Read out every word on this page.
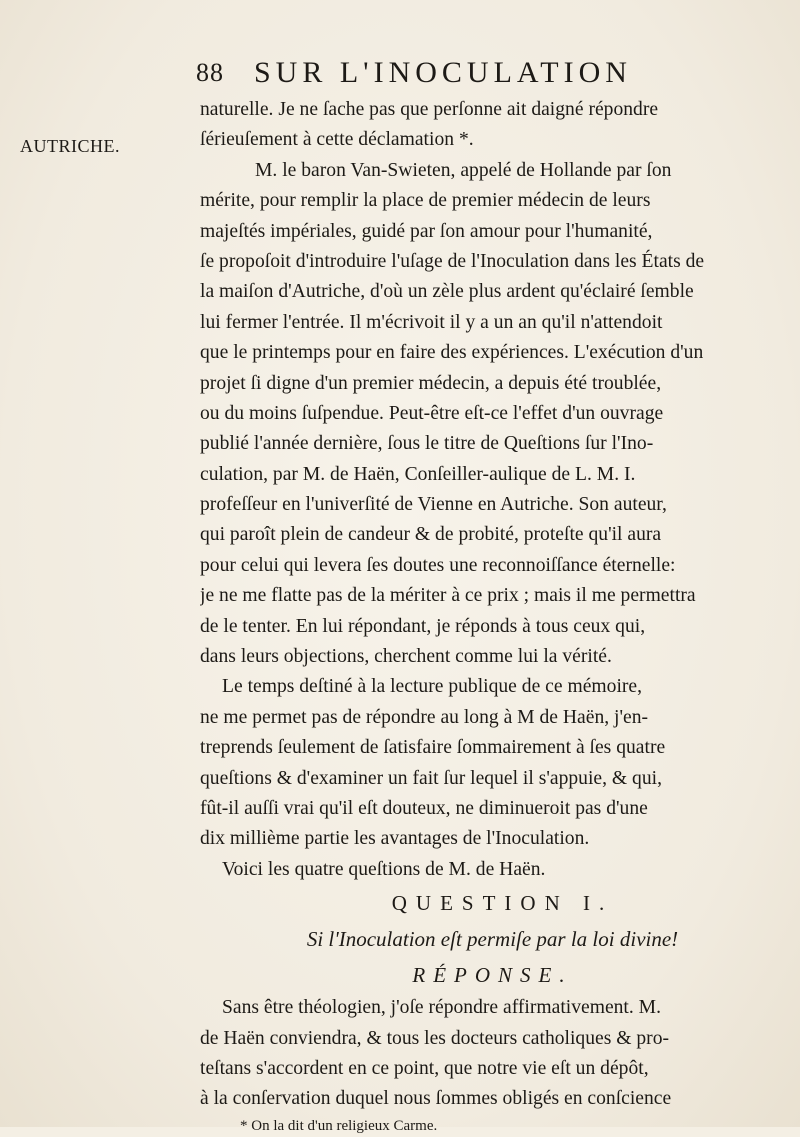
88 SUR L'INOCULATION
AUTRICHE.
naturelle. Je ne ſache pas que perſonne ait daigné répondre
ſérieuſement à cette déclamation *.
M. le baron Van-Swieten, appelé de Hollande par ſon
mérite, pour remplir la place de premier médecin de leurs
majeſtés impériales, guidé par ſon amour pour l'humanité,
ſe propoſoit d'introduire l'uſage de l'Inoculation dans les États de
la maiſon d'Autriche, d'où un zèle plus ardent qu'éclairé ſemble
lui fermer l'entrée. Il m'écrivoit il y a un an qu'il n'attendoit
que le printemps pour en faire des expériences. L'exécution d'un
projet ſi digne d'un premier médecin, a depuis été troublée,
ou du moins ſuſpendue. Peut-être eſt-ce l'effet d'un ouvrage
publié l'année dernière, ſous le titre de Queſtions ſur l'Ino-
culation, par M. de Haën, Conſeiller-aulique de L. M. I.
profeſſeur en l'univerſité de Vienne en Autriche. Son auteur,
qui paroît plein de candeur & de probité, proteſte qu'il aura
pour celui qui levera ſes doutes une reconnoiſſance éternelle:
je ne me flatte pas de la mériter à ce prix ; mais il me permettra
de le tenter. En lui répondant, je réponds à tous ceux qui,
dans leurs objections, cherchent comme lui la vérité.
Le temps deſtiné à la lecture publique de ce mémoire,
ne me permet pas de répondre au long à M de Haën, j'en-
treprends ſeulement de ſatisfaire ſommairement à ſes quatre
queſtions & d'examiner un fait ſur lequel il s'appuie, & qui,
fût-il auſſi vrai qu'il eſt douteux, ne diminueroit pas d'une
dix millième partie les avantages de l'Inoculation.
Voici les quatre queſtions de M. de Haën.
QUESTION I.
Si l'Inoculation eſt permiſe par la loi divine!
RÉPONSE.
Sans être théologien, j'oſe répondre affirmativement. M.
de Haën conviendra, & tous les docteurs catholiques & pro-
teſtans s'accordent en ce point, que notre vie eſt un dépôt,
à la conſervation duquel nous ſommes obligés en conſcience
* On la dit d'un religieux Carme.
